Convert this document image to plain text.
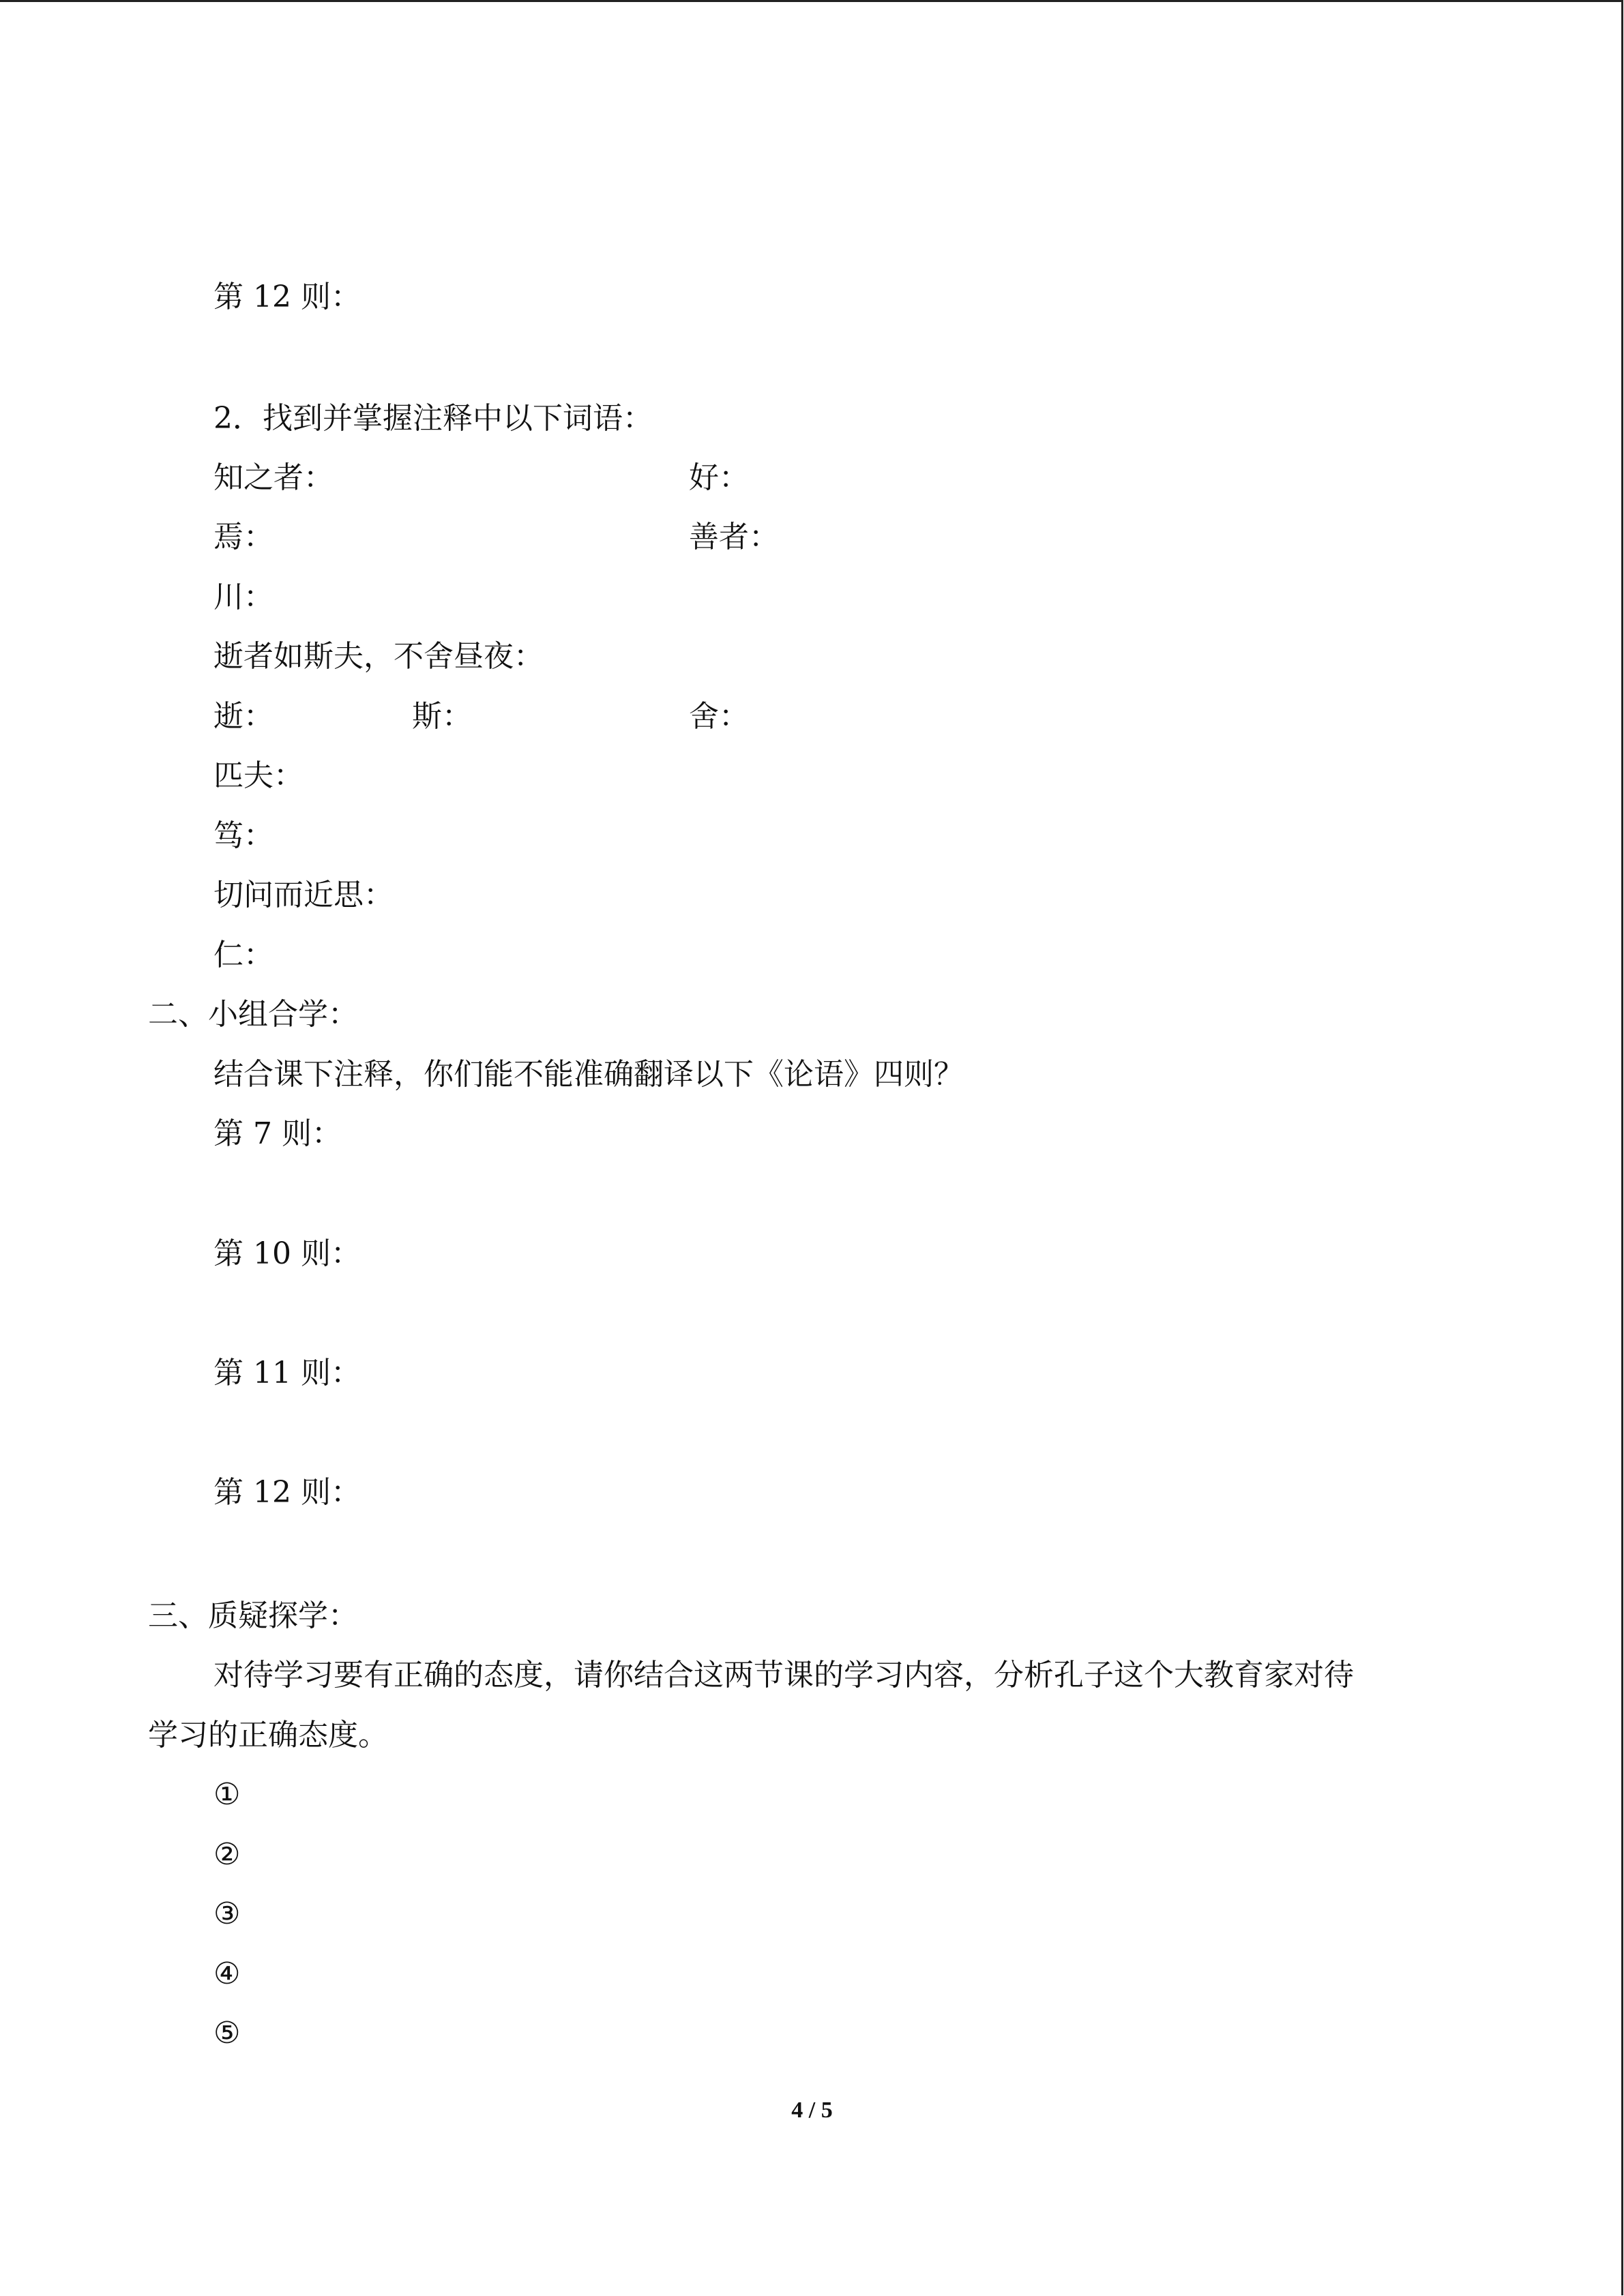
第 12 则：
2．找到并掌握注释中以下词语：
知之者：	好：
焉：	善者：
川：
逝者如斯夫，不舍昼夜：
逝：	斯：	舍：
匹夫：
笃：
切问而近思：
仁：
二、小组合学：
结合课下注释，你们能不能准确翻译以下《论语》四则？
第 7 则：
第 10 则：
第 11 则：
第 12 则：
三、质疑探学：
对待学习要有正确的态度，请你结合这两节课的学习内容，分析孔子这个大教育家对待
学习的正确态度。
①
②
③
④
⑤
4 / 5
